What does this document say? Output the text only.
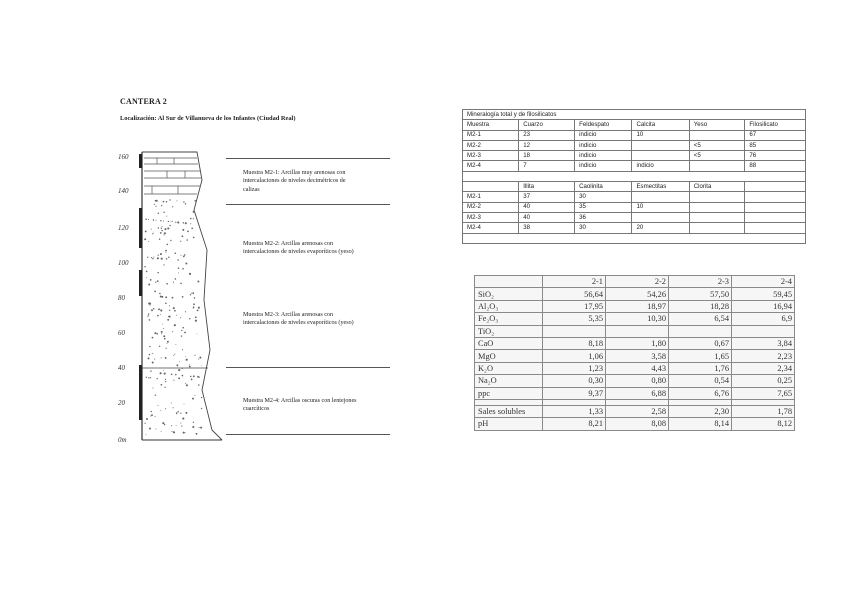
CANTERA 2
Localización: Al Sur de Villanueva de los Infantes (Ciudad Real)
160
140
120
100
80
60
40
20
0m
Muestra M2-1: Arcillas muy arenosas con
intercalaciones de niveles decimétricos de
calizas
Muestra M2-2: Arcillas arenosas con
intercalaciones de niveles evaporíticos (yeso)
Muestra M2-3: Arcillas arenosas con
intercalaciones de niveles evaporíticos (yeso)
Muestra M2-4: Arcillas oscuras con lentejones
cuarcíticos
Mineralogía total y de filosilicatos					
Muestra	Cuarzo	Feldespato	Calcita	Yeso	Filosilicato
M2-1	23	indicio	10		67
M2-2	12	indicio		<5	85
M2-3	18	indicio		<5	76
M2-4	7	indicio	indicio		88

	Illita	Caolinita	Esmectitas	Clorita	
M2-1	37	30			
M2-2	40	35	10		
M2-3	40	36			
M2-4	38	30	20		

	2-1	2-2	2-3	2-4
SiO₂	56,64	54,26	57,50	59,45
Al₂O₃	17,95	18,97	18,28	16,94
Fe₂O₃	5,35	10,30	6,54	6,9
TiO₂				
CaO	8,18	1,80	0,67	3,84
MgO	1,06	3,58	1,65	2,23
K₂O	1,23	4,43	1,76	2,34
Na₂O	0,30	0,80	0,54	0,25
ppc	9,37	6,88	6,76	7,65

Sales solubles	1,33	2,58	2,30	1,78
pH	8,21	8,08	8,14	8,12
